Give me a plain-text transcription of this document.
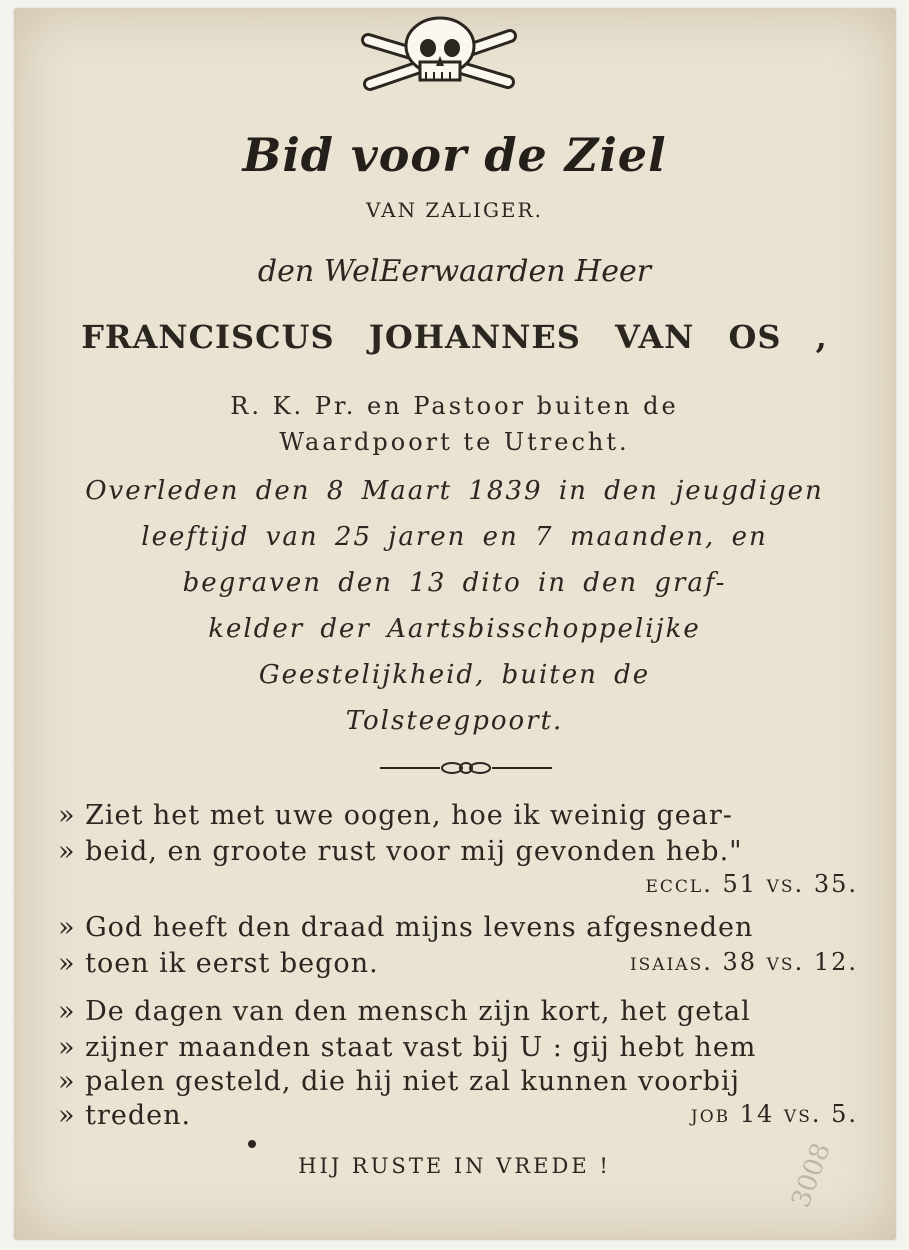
Bid voor de Ziel
VAN ZALIGER.
den WelEerwaarden Heer
FRANCISCUS JOHANNES VAN OS ,
R. K. Pr. en Pastoor buiten de
Waardpoort te Utrecht.
Overleden den 8 Maart 1839 in den jeugdigen
leeftijd van 25 jaren en 7 maanden, en
begraven den 13 dito in den graf-
kelder der Aartsbisschoppelijke
Geestelijkheid, buiten de
Tolsteegpoort.
» Ziet het met uwe oogen, hoe ik weinig gear-
» beid, en groote rust voor mij gevonden heb."
eccl. 51 vs. 35.
» God heeft den draad mijns levens afgesneden
» toen ik eerst begon.	isaias. 38 vs. 12.
» De dagen van den mensch zijn kort, het getal
» zijner maanden staat vast bij U : gij hebt hem
» palen gesteld, die hij niet zal kunnen voorbij
» treden.	job 14 vs. 5.
HIJ RUSTE IN VREDE !	3008
